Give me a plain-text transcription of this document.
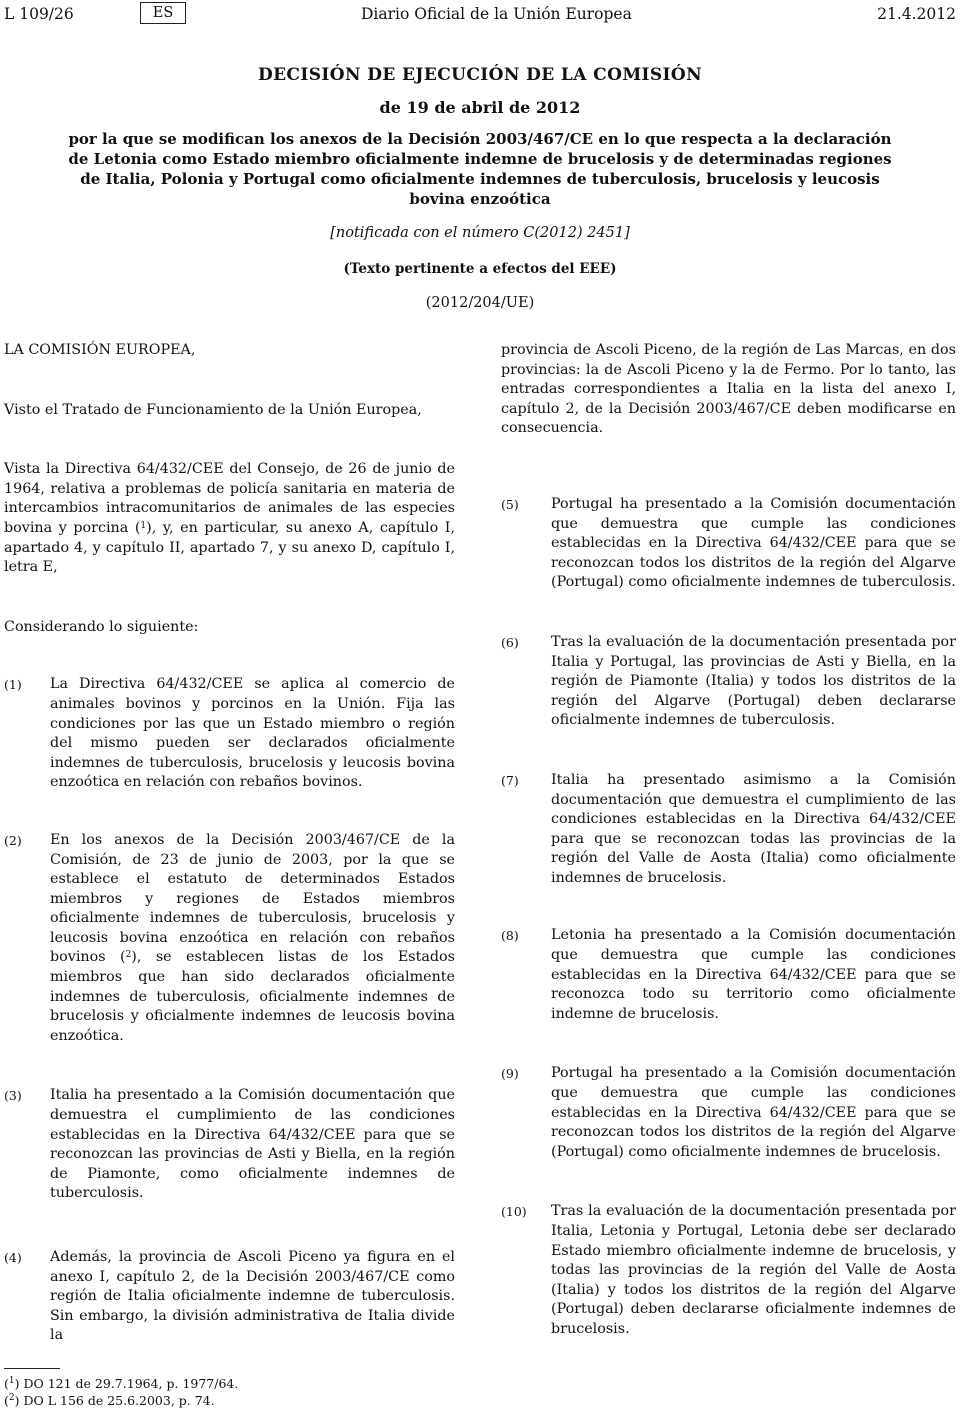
L 109/26	ES	Diario Oficial de la Unión Europea	21.4.2012

DECISIÓN DE EJECUCIÓN DE LA COMISIÓN

de 19 de abril de 2012

por la que se modifican los anexos de la Decisión 2003/467/CE en lo que respecta a la declaración de Letonia como Estado miembro oficialmente indemne de brucelosis y de determinadas regiones de Italia, Polonia y Portugal como oficialmente indemnes de tuberculosis, brucelosis y leucosis bovina enzoótica

[notificada con el número C(2012) 2451]

(Texto pertinente a efectos del EEE)

(2012/204/UE)

LA COMISIÓN EUROPEA,

Visto el Tratado de Funcionamiento de la Unión Europea,

Vista la Directiva 64/432/CEE del Consejo, de 26 de junio de 1964, relativa a problemas de policía sanitaria en materia de intercambios intracomunitarios de animales de las especies bovina y porcina ($^1$), y, en particular, su anexo A, capítulo I, apartado 4, y capítulo II, apartado 7, y su anexo D, capítulo I, letra E,

Considerando lo siguiente:

(1) La Directiva 64/432/CEE se aplica al comercio de animales bovinos y porcinos en la Unión. Fija las condiciones por las que un Estado miembro o región del mismo pueden ser declarados oficialmente indemnes de tuberculosis, brucelosis y leucosis bovina enzoótica en relación con rebaños bovinos.

(2) En los anexos de la Decisión 2003/467/CE de la Comisión, de 23 de junio de 2003, por la que se establece el estatuto de determinados Estados miembros y regiones de Estados miembros oficialmente indemnes de tuberculosis, brucelosis y leucosis bovina enzoótica en relación con rebaños bovinos ($^2$), se establecen listas de los Estados miembros que han sido declarados oficialmente indemnes de tuberculosis, oficialmente indemnes de brucelosis y oficialmente indemnes de leucosis bovina enzoótica.

(3) Italia ha presentado a la Comisión documentación que demuestra el cumplimiento de las condiciones establecidas en la Directiva 64/432/CEE para que se reconozcan las provincias de Asti y Biella, en la región de Piamonte, como oficialmente indemnes de tuberculosis.

(4) Además, la provincia de Ascoli Piceno ya figura en el anexo I, capítulo 2, de la Decisión 2003/467/CE como región de Italia oficialmente indemne de tuberculosis. Sin embargo, la división administrativa de Italia divide la

($^1$) DO 121 de 29.7.1964, p. 1977/64.

($^2$) DO L 156 de 25.6.2003, p. 74.

provincia de Ascoli Piceno, de la región de Las Marcas, en dos provincias: la de Ascoli Piceno y la de Fermo. Por lo tanto, las entradas correspondientes a Italia en la lista del anexo I, capítulo 2, de la Decisión 2003/467/CE deben modificarse en consecuencia.

(5) Portugal ha presentado a la Comisión documentación que demuestra que cumple las condiciones establecidas en la Directiva 64/432/CEE para que se reconozcan todos los distritos de la región del Algarve (Portugal) como oficialmente indemnes de tuberculosis.

(6) Tras la evaluación de la documentación presentada por Italia y Portugal, las provincias de Asti y Biella, en la región de Piamonte (Italia) y todos los distritos de la región del Algarve (Portugal) deben declararse oficialmente indemnes de tuberculosis.

(7) Italia ha presentado asimismo a la Comisión documentación que demuestra el cumplimiento de las condiciones establecidas en la Directiva 64/432/CEE para que se reconozcan todas las provincias de la región del Valle de Aosta (Italia) como oficialmente indemnes de brucelosis.

(8) Letonia ha presentado a la Comisión documentación que demuestra que cumple las condiciones establecidas en la Directiva 64/432/CEE para que se reconozca todo su territorio como oficialmente indemne de brucelosis.

(9) Portugal ha presentado a la Comisión documentación que demuestra que cumple las condiciones establecidas en la Directiva 64/432/CEE para que se reconozcan todos los distritos de la región del Algarve (Portugal) como oficialmente indemnes de brucelosis.

(10) Tras la evaluación de la documentación presentada por Italia, Letonia y Portugal, Letonia debe ser declarado Estado miembro oficialmente indemne de brucelosis, y todas las provincias de la región del Valle de Aosta (Italia) y todos los distritos de la región del Algarve (Portugal) deben declararse oficialmente indemnes de brucelosis.
